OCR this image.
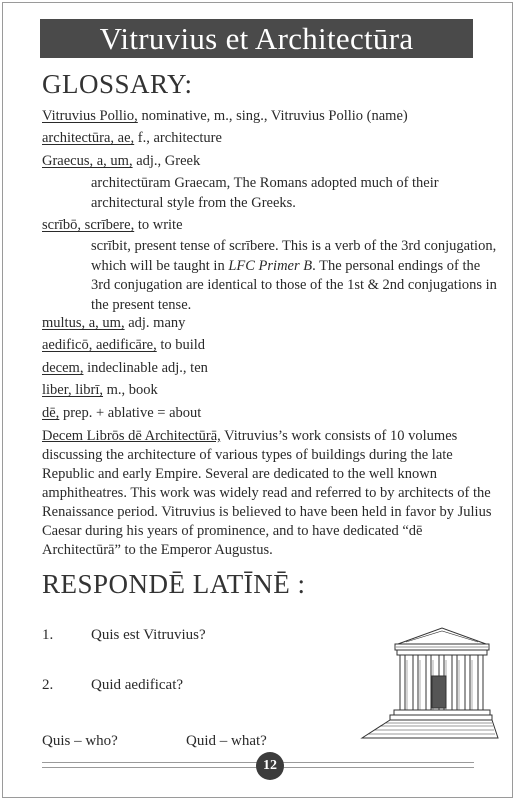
Vitruvius et Architectūra
GLOSSARY:
Vitruvius Pollio, nominative, m., sing., Vitruvius Pollio (name)
architectūra, ae, f., architecture
Graecus, a, um, adj., Greek
architectūram Graecam, The Romans adopted much of their architectural style from the Greeks.
scrībō, scrībere, to write
scrībit, present tense of scrībere. This is a verb of the 3rd conjugation, which will be taught in LFC Primer B. The personal endings of the 3rd conjugation are identical to those of the 1st & 2nd conjugations in the present tense.
multus, a, um, adj. many
aedificō, aedificāre, to build
decem, indeclinable adj., ten
liber, librī, m., book
dē, prep. + ablative = about
Decem Librōs dē Architectūrā, Vitruvius’s work consists of 10 volumes discussing the architecture of various types of buildings during the late Republic and early Empire. Several are dedicated to the well known amphitheatres. This work was widely read and referred to by architects of the Renaissance period. Vitruvius is believed to have been held in favor by Julius Caesar during his years of prominence, and to have dedicated “dē Architectūrā” to the Emperor Augustus.
RESPONDĒ LATĪNĒ :
1.	Quis est Vitruvius?
2.	Quid aedificat?
Quis – who?	Quid – what?
12
